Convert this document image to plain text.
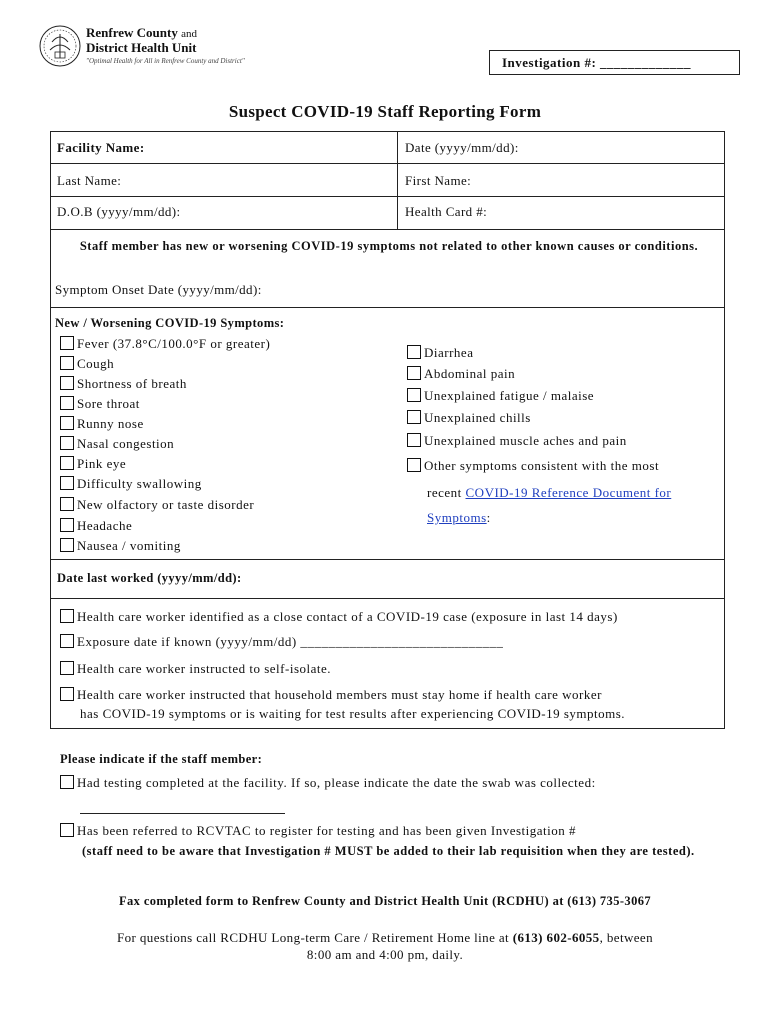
Renfrew County and
District Health Unit
"Optimal Health for All in Renfrew County and District"	Investigation #: _____________
Suspect COVID-19 Staff Reporting Form
Facility Name:	Date (yyyy/mm/dd):
Last Name:	First Name:
D.O.B (yyyy/mm/dd):	Health Card #:
Staff member has new or worsening COVID-19 symptoms not related to other known causes or conditions.
Symptom Onset Date (yyyy/mm/dd):
New / Worsening COVID-19 Symptoms:
Fever (37.8°C/100.0°F or greater)
Cough
Shortness of breath
Sore throat
Runny nose
Nasal congestion
Pink eye
Difficulty swallowing
New olfactory or taste disorder
Headache
Nausea / vomiting
Diarrhea
Abdominal pain
Unexplained fatigue / malaise
Unexplained chills
Unexplained muscle aches and pain
Other symptoms consistent with the most
recent COVID-19 Reference Document for
Symptoms:
Date last worked (yyyy/mm/dd):
Health care worker identified as a close contact of a COVID-19 case (exposure in last 14 days)
Exposure date if known (yyyy/mm/dd) _____________________________
Health care worker instructed to self-isolate.
Health care worker instructed that household members must stay home if health care worker
has COVID-19 symptoms or is waiting for test results after experiencing COVID-19 symptoms.
Please indicate if the staff member:
Had testing completed at the facility. If so, please indicate the date the swab was collected:
Has been referred to RCVTAC to register for testing and has been given Investigation #
(staff need to be aware that Investigation # MUST be added to their lab requisition when they are tested).
Fax completed form to Renfrew County and District Health Unit (RCDHU) at (613) 735-3067
For questions call RCDHU Long-term Care / Retirement Home line at (613) 602-6055, between
8:00 am and 4:00 pm, daily.
